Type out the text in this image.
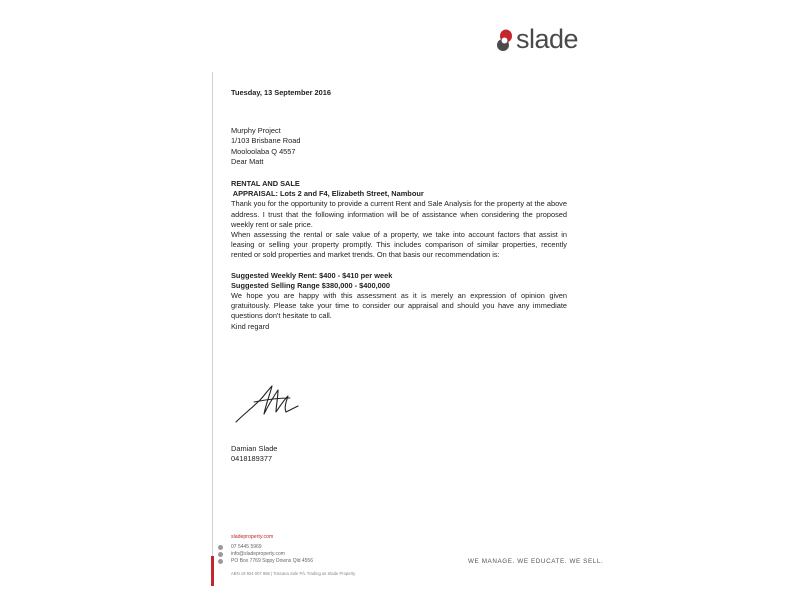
slade

Tuesday, 13 September 2016

Murphy Project

1/103 Brisbane Road

Mooloolaba Q 4557

Dear Matt

RENTAL AND SALE

APPRAISAL: Lots 2 and F4, Elizabeth Street, Nambour

Thank you for the opportunity to provide a current Rent and Sale Analysis for the property at the above address. I trust that the following information will be of assistance when considering the proposed weekly rent or sale price.

When assessing the rental or sale value of a property, we take into account factors that assist in leasing or selling your property promptly. This includes comparison of similar properties, recently rented or sold properties and market trends. On that basis our recommendation is:

Suggested Weekly Rent: $400 - $410 per week

Suggested Selling Range $380,000 - $400,000

We hope you are happy with this assessment as it is merely an expression of opinion given gratuitously. Please take your time to consider our appraisal and should you have any immediate questions don't hesitate to call.

Kind regard

Damian Slade

0418189377

sladeproperty.com
07 5445 5969
info@sladeproperty.com
PO Box 7769 Sippy Downs Qld 4556
ABN 19 924 007 966 | Toscana Sole P/L Trading as Slade Property
WE MANAGE. WE EDUCATE. WE SELL.
